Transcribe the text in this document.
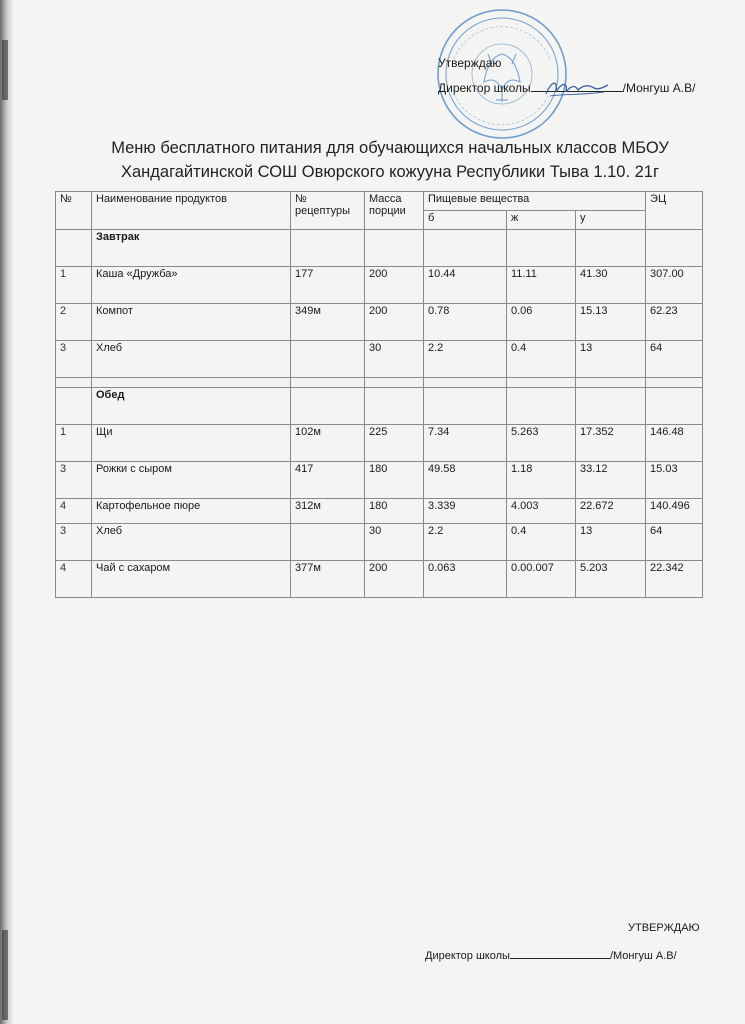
Утверждаю
Директор школы	/Монгуш А.В/
Меню бесплатного питания для обучающихся начальных классов МБОУ
Хандагайтинской СОШ Овюрского кожууна Республики Тыва 1.10. 21г
№	Наименование продуктов	№ рецептуры	Масса порции	Пищевые вещества			ЭЦ
				б	ж	у	
	Завтрак						
1	Каша «Дружба»	177	200	10.44	11.11	41.30	307.00
2	Компот	349м	200	0.78	0.06	15.13	62.23
3	Хлеб		30	2.2	0.4	13	64

	Обед						
1	Щи	102м	225	7.34	5.263	17.352	146.48
3	Рожки с сыром	417	180	49.58	1.18	33.12	15.03
4	Картофельное пюре	312м	180	3.339	4.003	22.672	140.496
3	Хлеб		30	2.2	0.4	13	64
4	Чай с сахаром	377м	200	0.063	0.00.007	5.203	22.342
УТВЕРЖДАЮ
Директор школы	/Монгуш А.В/
